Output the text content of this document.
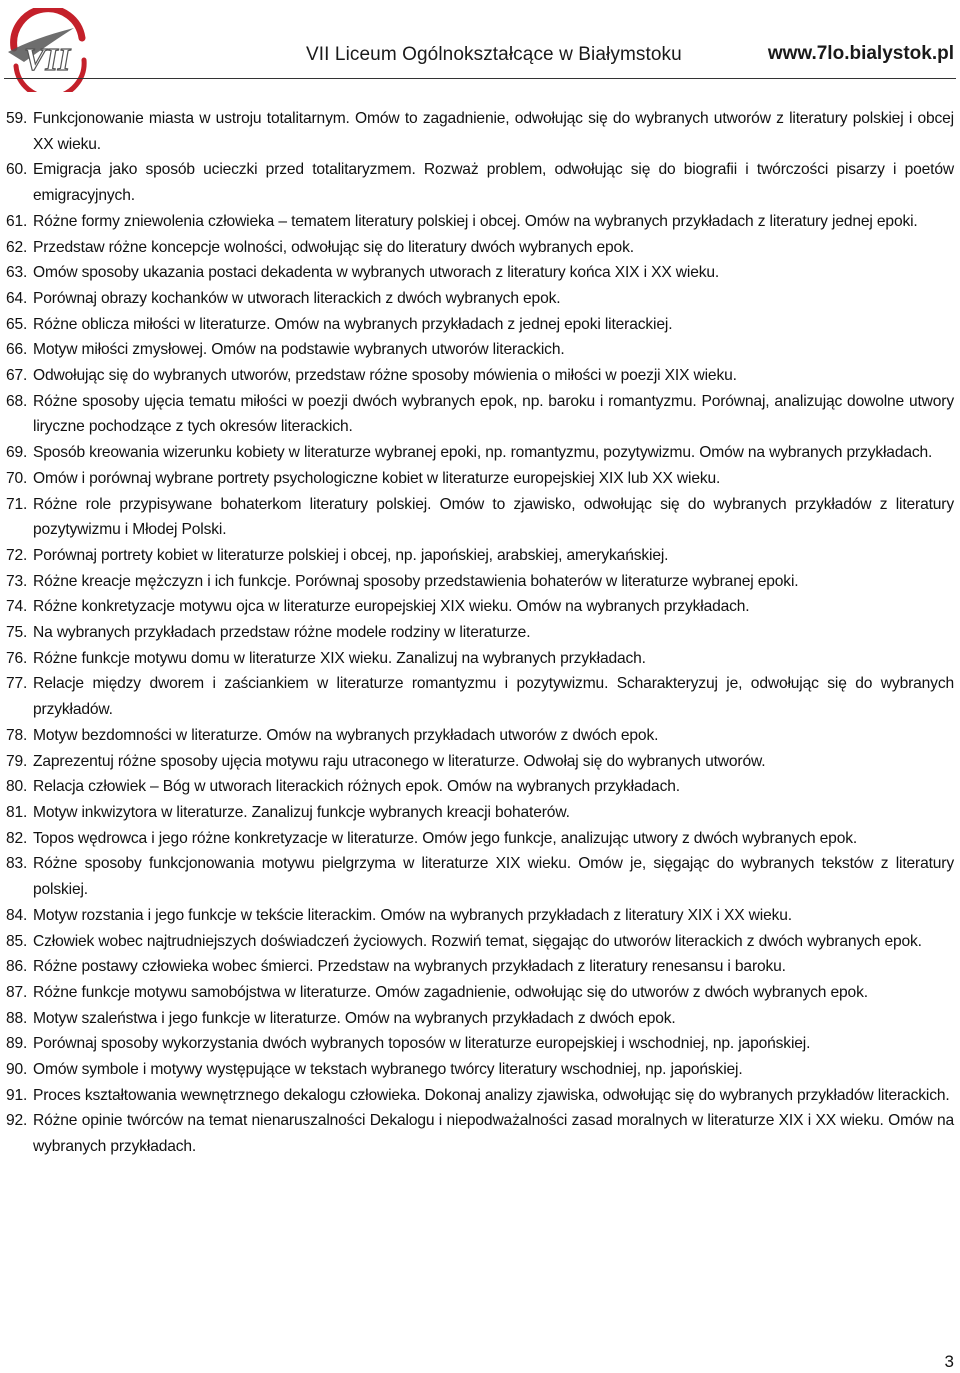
VII	VII Liceum Ogólnokształcące w Białymstoku	www.7lo.bialystok.pl
59. Funkcjonowanie miasta w ustroju totalitarnym. Omów to zagadnienie, odwołując się do wybranych utworów z literatury polskiej i obcej XX wieku.
60. Emigracja jako sposób ucieczki przed totalitaryzmem. Rozważ problem, odwołując się do biografii i twórczości pisarzy i poetów emigracyjnych.
61. Różne formy zniewolenia człowieka – tematem literatury polskiej i obcej. Omów na wybranych przykładach z literatury jednej epoki.
62. Przedstaw różne koncepcje wolności, odwołując się do literatury dwóch wybranych epok.
63. Omów sposoby ukazania postaci dekadenta w wybranych utworach z literatury końca XIX i XX wieku.
64. Porównaj obrazy kochanków w utworach literackich z dwóch wybranych epok.
65. Różne oblicza miłości w literaturze. Omów na wybranych przykładach z jednej epoki literackiej.
66. Motyw miłości zmysłowej. Omów na podstawie wybranych utworów literackich.
67. Odwołując się do wybranych utworów, przedstaw różne sposoby mówienia o miłości w poezji XIX wieku.
68. Różne sposoby ujęcia tematu miłości w poezji dwóch wybranych epok, np. baroku i romantyzmu. Porównaj, analizując dowolne utwory liryczne pochodzące z tych okresów literackich.
69. Sposób kreowania wizerunku kobiety w literaturze wybranej epoki, np. romantyzmu, pozytywizmu. Omów na wybranych przykładach.
70. Omów i porównaj wybrane portrety psychologiczne kobiet w literaturze europejskiej XIX lub XX wieku.
71. Różne role przypisywane bohaterkom literatury polskiej. Omów to zjawisko, odwołując się do wybranych przykładów z literatury pozytywizmu i Młodej Polski.
72. Porównaj portrety kobiet w literaturze polskiej i obcej, np. japońskiej, arabskiej, amerykańskiej.
73. Różne kreacje mężczyzn i ich funkcje. Porównaj sposoby przedstawienia bohaterów w literaturze wybranej epoki.
74. Różne konkretyzacje motywu ojca w literaturze europejskiej XIX wieku. Omów na wybranych przykładach.
75. Na wybranych przykładach przedstaw różne modele rodziny w literaturze.
76. Różne funkcje motywu domu w literaturze XIX wieku. Zanalizuj na wybranych przykładach.
77. Relacje między dworem i zaściankiem w literaturze romantyzmu i pozytywizmu. Scharakteryzuj je, odwołując się do wybranych przykładów.
78. Motyw bezdomności w literaturze. Omów na wybranych przykładach utworów z dwóch epok.
79. Zaprezentuj różne sposoby ujęcia motywu raju utraconego w literaturze. Odwołaj się do wybranych utworów.
80. Relacja człowiek – Bóg w utworach literackich różnych epok. Omów na wybranych przykładach.
81. Motyw inkwizytora w literaturze. Zanalizuj funkcje wybranych kreacji bohaterów.
82. Topos wędrowca i jego różne konkretyzacje w literaturze. Omów jego funkcje, analizując utwory z dwóch wybranych epok.
83. Różne sposoby funkcjonowania motywu pielgrzyma w literaturze XIX wieku. Omów je, sięgając do wybranych tekstów z literatury polskiej.
84. Motyw rozstania i jego funkcje w tekście literackim. Omów na wybranych przykładach z literatury XIX i XX wieku.
85. Człowiek wobec najtrudniejszych doświadczeń życiowych. Rozwiń temat, sięgając do utworów literackich z dwóch wybranych epok.
86. Różne postawy człowieka wobec śmierci. Przedstaw na wybranych przykładach z literatury renesansu i baroku.
87. Różne funkcje motywu samobójstwa w literaturze. Omów zagadnienie, odwołując się do utworów z dwóch wybranych epok.
88. Motyw szaleństwa i jego funkcje w literaturze. Omów na wybranych przykładach z dwóch epok.
89. Porównaj sposoby wykorzystania dwóch wybranych toposów w literaturze europejskiej i wschodniej, np. japońskiej.
90. Omów symbole i motywy występujące w tekstach wybranego twórcy literatury wschodniej, np. japońskiej.
91. Proces kształtowania wewnętrznego dekalogu człowieka. Dokonaj analizy zjawiska, odwołując się do wybranych przykładów literackich.
92. Różne opinie twórców na temat nienaruszalności Dekalogu i niepodważalności zasad moralnych w literaturze XIX i XX wieku. Omów na wybranych przykładach.
3
